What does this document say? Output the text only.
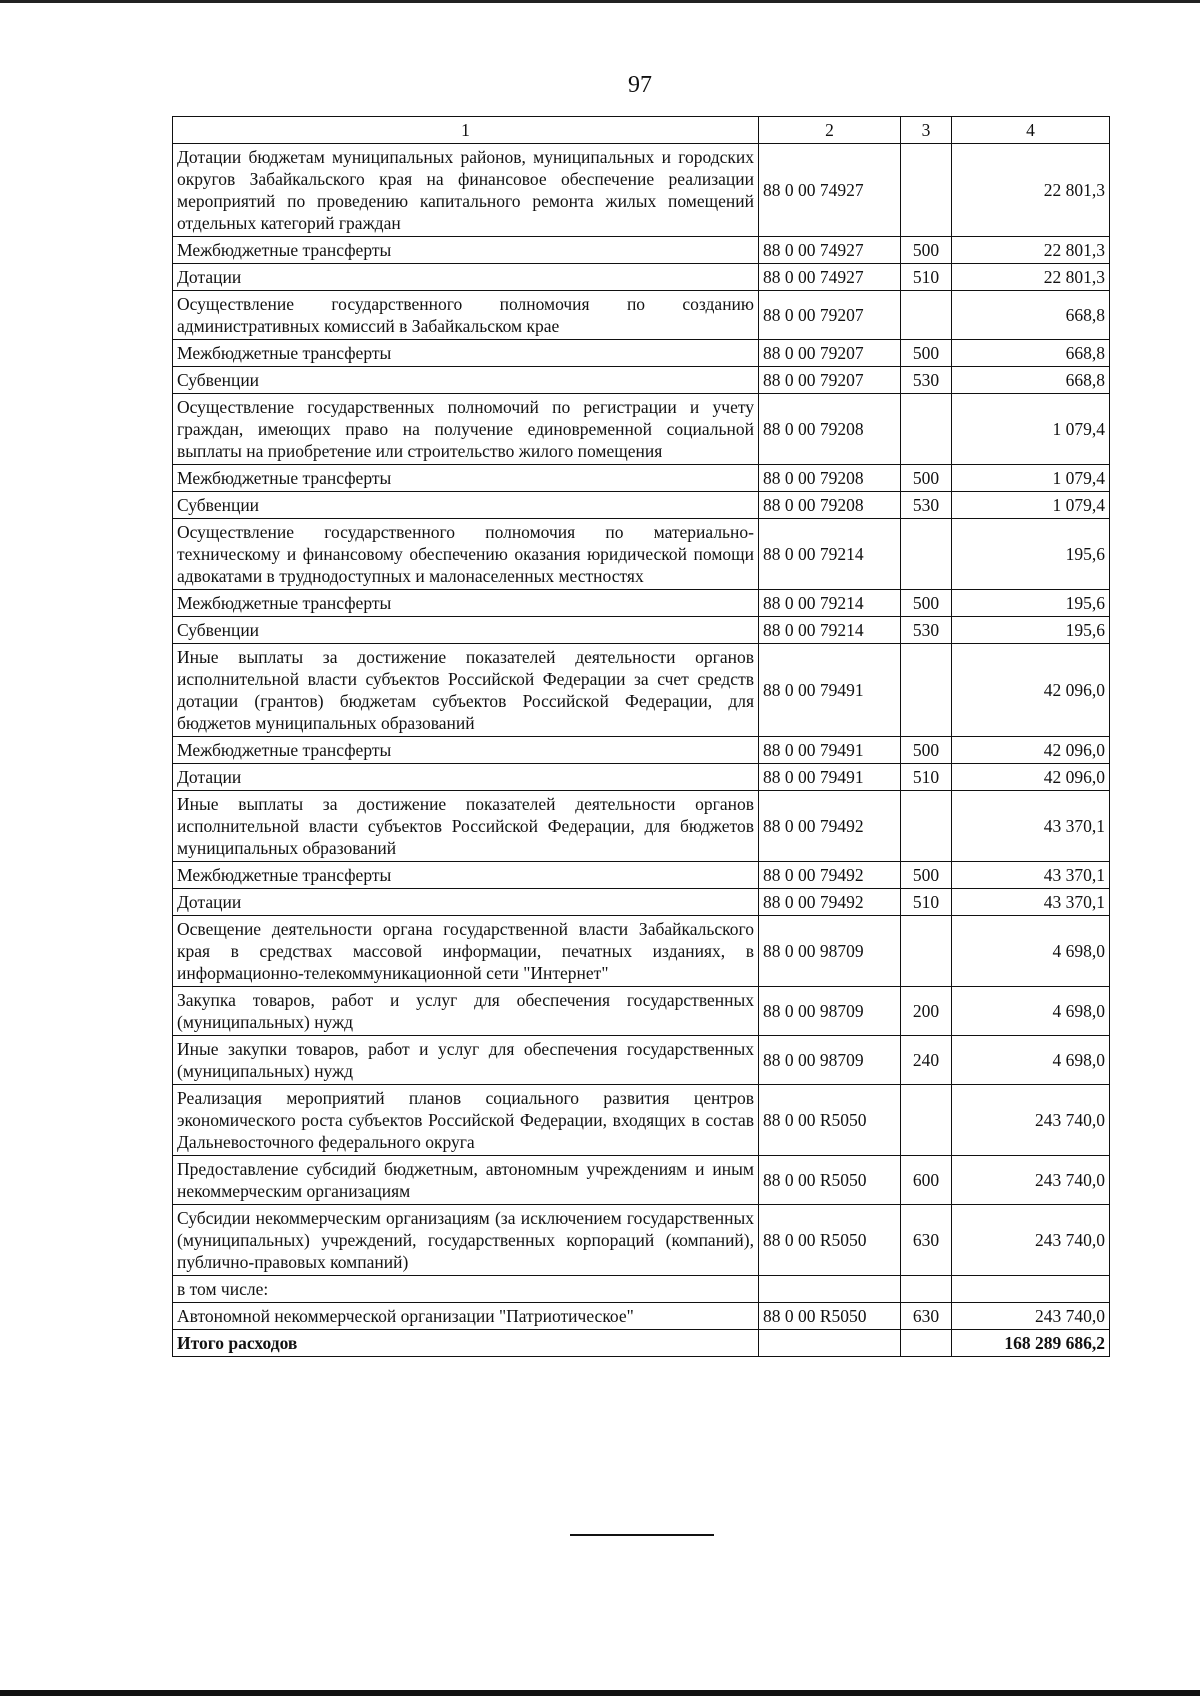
97
1	2	3	4
Дотации бюджетам муниципальных районов, муниципальных и городских округов Забайкальского края на финансовое обеспечение реализации мероприятий по проведению капитального ремонта жилых помещений отдельных категорий граждан	88 0 00 74927		22 801,3
Межбюджетные трансферты	88 0 00 74927	500	22 801,3
Дотации	88 0 00 74927	510	22 801,3
Осуществление государственного полномочия по созданию административных комиссий в Забайкальском крае	88 0 00 79207		668,8
Межбюджетные трансферты	88 0 00 79207	500	668,8
Субвенции	88 0 00 79207	530	668,8
Осуществление государственных полномочий по регистрации и учету граждан, имеющих право на получение единовременной социальной выплаты на приобретение или строительство жилого помещения	88 0 00 79208		1 079,4
Межбюджетные трансферты	88 0 00 79208	500	1 079,4
Субвенции	88 0 00 79208	530	1 079,4
Осуществление государственного полномочия по материально-техническому и финансовому обеспечению оказания юридической помощи адвокатами в труднодоступных и малонаселенных местностях	88 0 00 79214		195,6
Межбюджетные трансферты	88 0 00 79214	500	195,6
Субвенции	88 0 00 79214	530	195,6
Иные выплаты за достижение показателей деятельности органов исполнительной власти субъектов Российской Федерации за счет средств дотации (грантов) бюджетам субъектов Российской Федерации, для бюджетов муниципальных образований	88 0 00 79491		42 096,0
Межбюджетные трансферты	88 0 00 79491	500	42 096,0
Дотации	88 0 00 79491	510	42 096,0
Иные выплаты за достижение показателей деятельности органов исполнительной власти субъектов Российской Федерации, для бюджетов муниципальных образований	88 0 00 79492		43 370,1
Межбюджетные трансферты	88 0 00 79492	500	43 370,1
Дотации	88 0 00 79492	510	43 370,1
Освещение деятельности органа государственной власти Забайкальского края в средствах массовой информации, печатных изданиях, в информационно-телекоммуникационной сети "Интернет"	88 0 00 98709		4 698,0
Закупка товаров, работ и услуг для обеспечения государственных (муниципальных) нужд	88 0 00 98709	200	4 698,0
Иные закупки товаров, работ и услуг для обеспечения государственных (муниципальных) нужд	88 0 00 98709	240	4 698,0
Реализация мероприятий планов социального развития центров экономического роста субъектов Российской Федерации, входящих в состав Дальневосточного федерального округа	88 0 00 R5050		243 740,0
Предоставление субсидий бюджетным, автономным учреждениям и иным некоммерческим организациям	88 0 00 R5050	600	243 740,0
Субсидии некоммерческим организациям (за исключением государственных (муниципальных) учреждений, государственных корпораций (компаний), публично-правовых компаний)	88 0 00 R5050	630	243 740,0
в том числе:			
Автономной некоммерческой организации "Патриотическое"	88 0 00 R5050	630	243 740,0
Итого расходов			168 289 686,2
